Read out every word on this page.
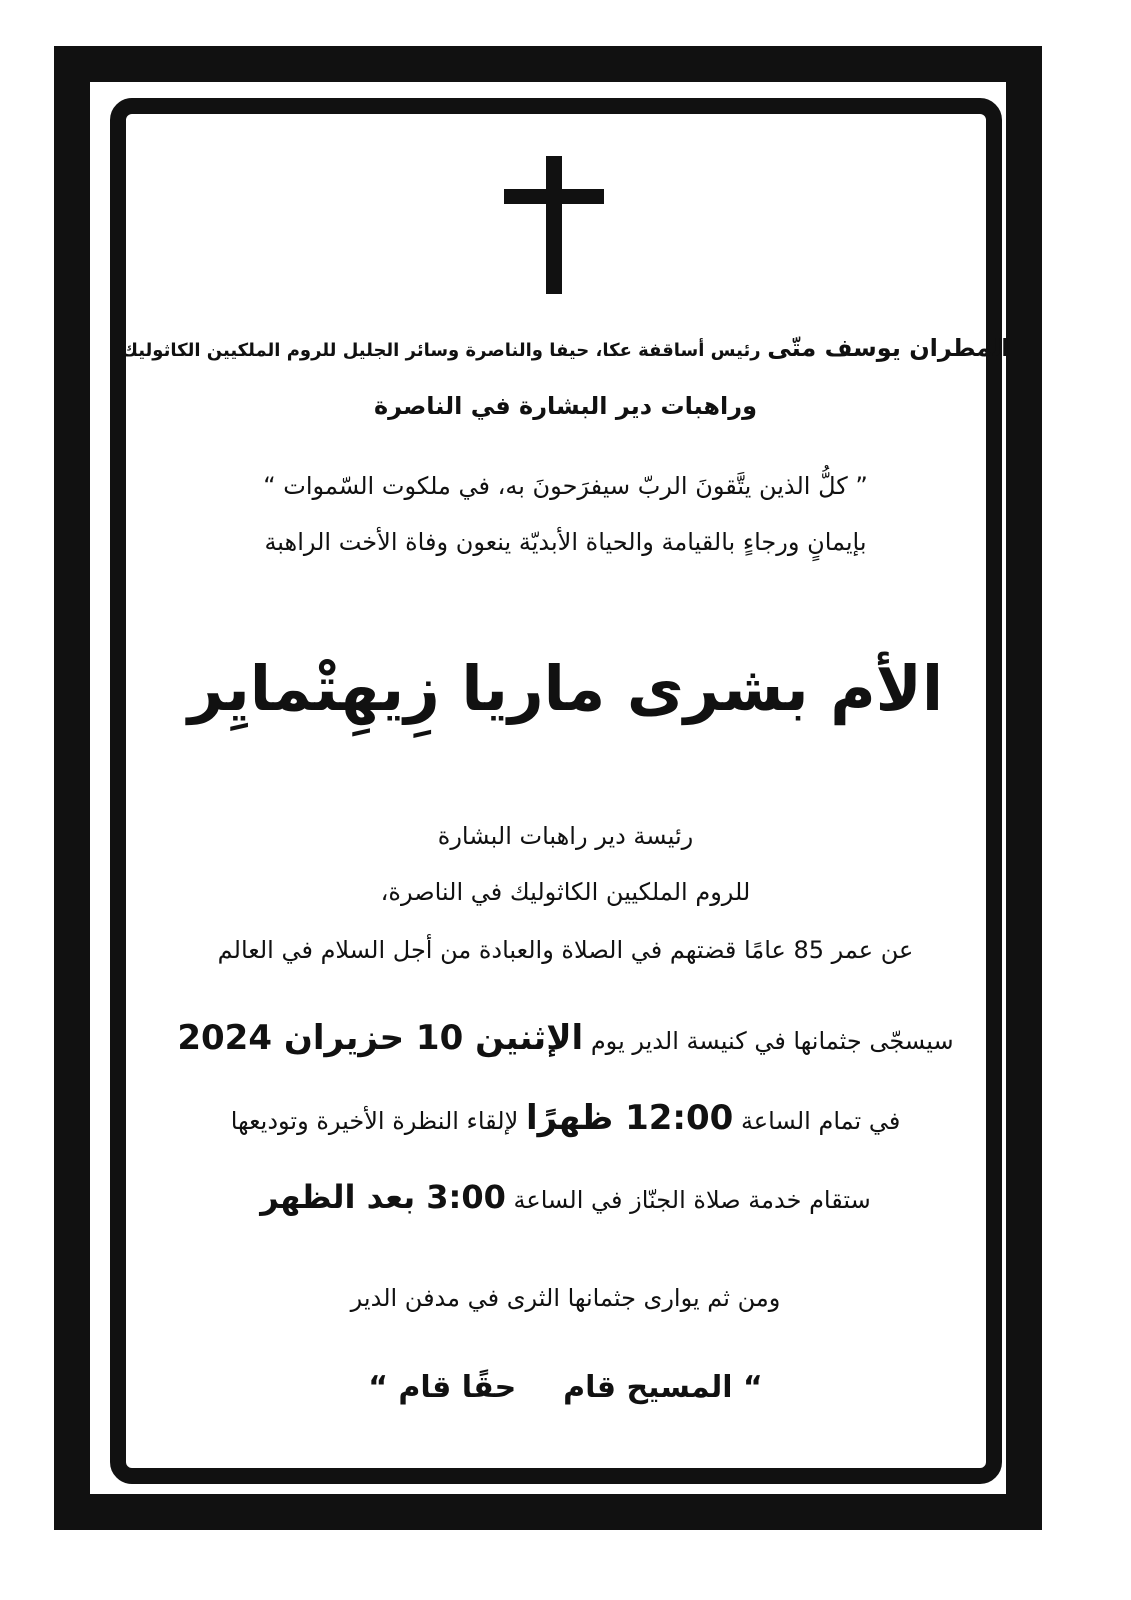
المطران يوسف متّى رئيس أساقفة عكا، حيفا والناصرة وسائر الجليل للروم الملكيين الكاثوليك
وراهبات دير البشارة في الناصرة
” كلُّ الذين يتَّقونَ الربّ سيفرَحونَ به، في ملكوت السّموات “
بإيمانٍ ورجاءٍ بالقيامة والحياة الأبديّة ينعون وفاة الأخت الراهبة
الأم بشرى ماريا زِيهِتْمايِر
رئيسة دير راهبات البشارة
للروم الملكيين الكاثوليك في الناصرة،
عن عمر 85 عامًا قضتهم في الصلاة والعبادة من أجل السلام في العالم
سيسجّى جثمانها في كنيسة الدير يوم الإثنين 10 حزيران 2024
في تمام الساعة 12:00 ظهرًا لإلقاء النظرة الأخيرة وتوديعها
ستقام خدمة صلاة الجنّاز في الساعة 3:00 بعد الظهر
ومن ثم يوارى جثمانها الثرى في مدفن الدير
“ المسيح قام  حقًا قام “
